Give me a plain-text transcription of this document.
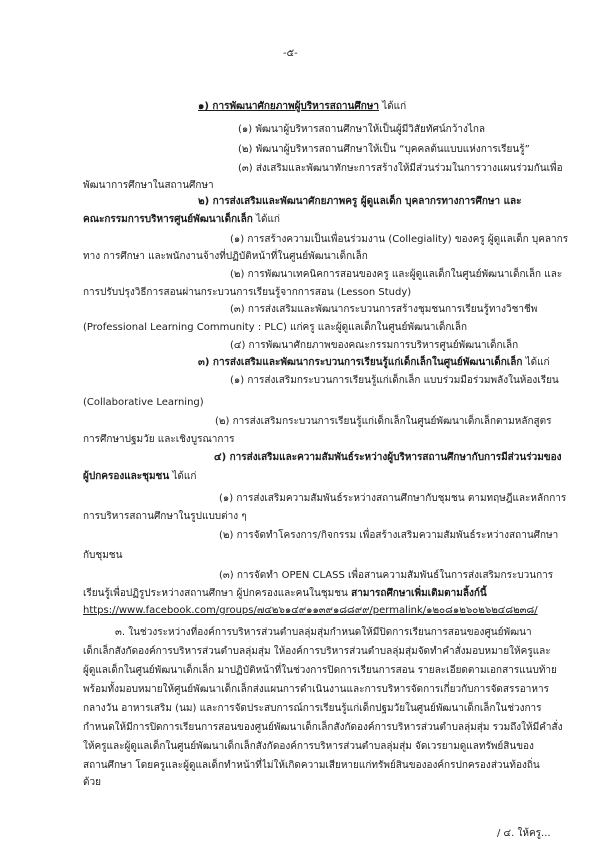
-๕-
๑) การพัฒนาศักยภาพผู้บริหารสถานศึกษา ได้แก่
(๑) พัฒนาผู้บริหารสถานศึกษาให้เป็นผู้มีวิสัยทัศน์กว้างไกล
(๒) พัฒนาผู้บริหารสถานศึกษาให้เป็น “บุคคลต้นแบบแห่งการเรียนรู้”
(๓) ส่งเสริมและพัฒนาทักษะการสร้างให้มีส่วนร่วมในการวางแผนร่วมกันเพื่อ
พัฒนาการศึกษาในสถานศึกษา
๒) การส่งเสริมและพัฒนาศักยภาพครู ผู้ดูแลเด็ก บุคลากรทางการศึกษา และ
คณะกรรมการบริหารศูนย์พัฒนาเด็กเล็ก ได้แก่
(๑) การสร้างความเป็นเพื่อนร่วมงาน (Collegiality) ของครู ผู้ดูแลเด็ก บุคลากร
ทาง การศึกษา และพนักงานจ้างที่ปฏิบัติหน้าที่ในศูนย์พัฒนาเด็กเล็ก
(๒) การพัฒนาเทคนิคการสอนของครู และผู้ดูแลเด็กในศูนย์พัฒนาเด็กเล็ก และ
การปรับปรุงวิธีการสอนผ่านกระบวนการเรียนรู้จากการสอน (Lesson Study)
(๓) การส่งเสริมและพัฒนากระบวนการสร้างชุมชนการเรียนรู้ทางวิชาชีพ
(Professional Learning Community : PLC) แก่ครู และผู้ดูแลเด็กในศูนย์พัฒนาเด็กเล็ก
(๔) การพัฒนาศักยภาพของคณะกรรมการบริหารศูนย์พัฒนาเด็กเล็ก
๓) การส่งเสริมและพัฒนากระบวนการเรียนรู้แก่เด็กเล็กในศูนย์พัฒนาเด็กเล็ก ได้แก่
(๑) การส่งเสริมกระบวนการเรียนรู้แก่เด็กเล็ก แบบร่วมมือร่วมพลังในห้องเรียน
(Collaborative Learning)
(๒) การส่งเสริมกระบวนการเรียนรู้แก่เด็กเล็กในศูนย์พัฒนาเด็กเล็กตามหลักสูตร
การศึกษาปฐมวัย และเชิงบูรณาการ
๔) การส่งเสริมและความสัมพันธ์ระหว่างผู้บริหารสถานศึกษากับการมีส่วนร่วมของ
ผู้ปกครองและชุมชน ได้แก่
(๑) การส่งเสริมความสัมพันธ์ระหว่างสถานศึกษากับชุมชน ตามทฤษฎีและหลักการ
การบริหารสถานศึกษาในรูปแบบต่าง ๆ
(๒) การจัดทำโครงการ/กิจกรรม เพื่อสร้างเสริมความสัมพันธ์ระหว่างสถานศึกษา
กับชุมชน
(๓) การจัดทำ OPEN CLASS เพื่อสานความสัมพันธ์ในการส่งเสริมกระบวนการ
เรียนรู้เพื่อปฏิรูประหว่างสถานศึกษา ผู้ปกครองและคนในชุมชน สามารถศึกษาเพิ่มเติมตามลิ้งก์นี้
https://www.facebook.com/groups/๗๔๒๖๑๔๙๑๑๓๙๑๘๘๙๙/permalink/๑๒๐๘๑๒๖๐๒๖๒๔๘๒๓๘/
๓. ในช่วงระหว่างที่องค์การบริหารส่วนตำบลลุ่มสุ่มกำหนดให้มีปิดการเรียนการสอนของศูนย์พัฒนา
เด็กเล็กสังกัดองค์การบริหารส่วนตำบลลุ่มสุ่ม ให้องค์การบริหารส่วนตำบลลุ่มสุ่มจัดทำคำสั่งมอบหมายให้ครูและ
ผู้ดูแลเด็กในศูนย์พัฒนาเด็กเล็ก มาปฏิบัติหน้าที่ในช่วงการปิดการเรียนการสอน รายละเอียดตามเอกสารแนบท้าย
พร้อมทั้งมอบหมายให้ศูนย์พัฒนาเด็กเล็กส่งแผนการดำเนินงานและการบริหารจัดการเกี่ยวกับการจัดสรรอาหาร
กลางวัน อาหารเสริม (นม) และการจัดประสบการณ์การเรียนรู้แก่เด็กปฐมวัยในศูนย์พัฒนาเด็กเล็กในช่วงการ
กำหนดให้มีการปิดการเรียนการสอนของศูนย์พัฒนาเด็กเล็กสังกัดองค์การบริหารส่วนตำบลลุ่มสุ่ม รวมถึงให้มีคำสั่ง
ให้ครูและผู้ดูแลเด็กในศูนย์พัฒนาเด็กเล็กสังกัดองค์การบริหารส่วนตำบลลุ่มสุ่ม จัดเวรยามดูแลทรัพย์สินของ
สถานศึกษา โดยครูและผู้ดูแลเด็กทำหน้าที่ไม่ให้เกิดความเสียหายแก่ทรัพย์สินขององค์กรปกครองส่วนท้องถิ่น
ด้วย
/ ๔. ให้ครู...
